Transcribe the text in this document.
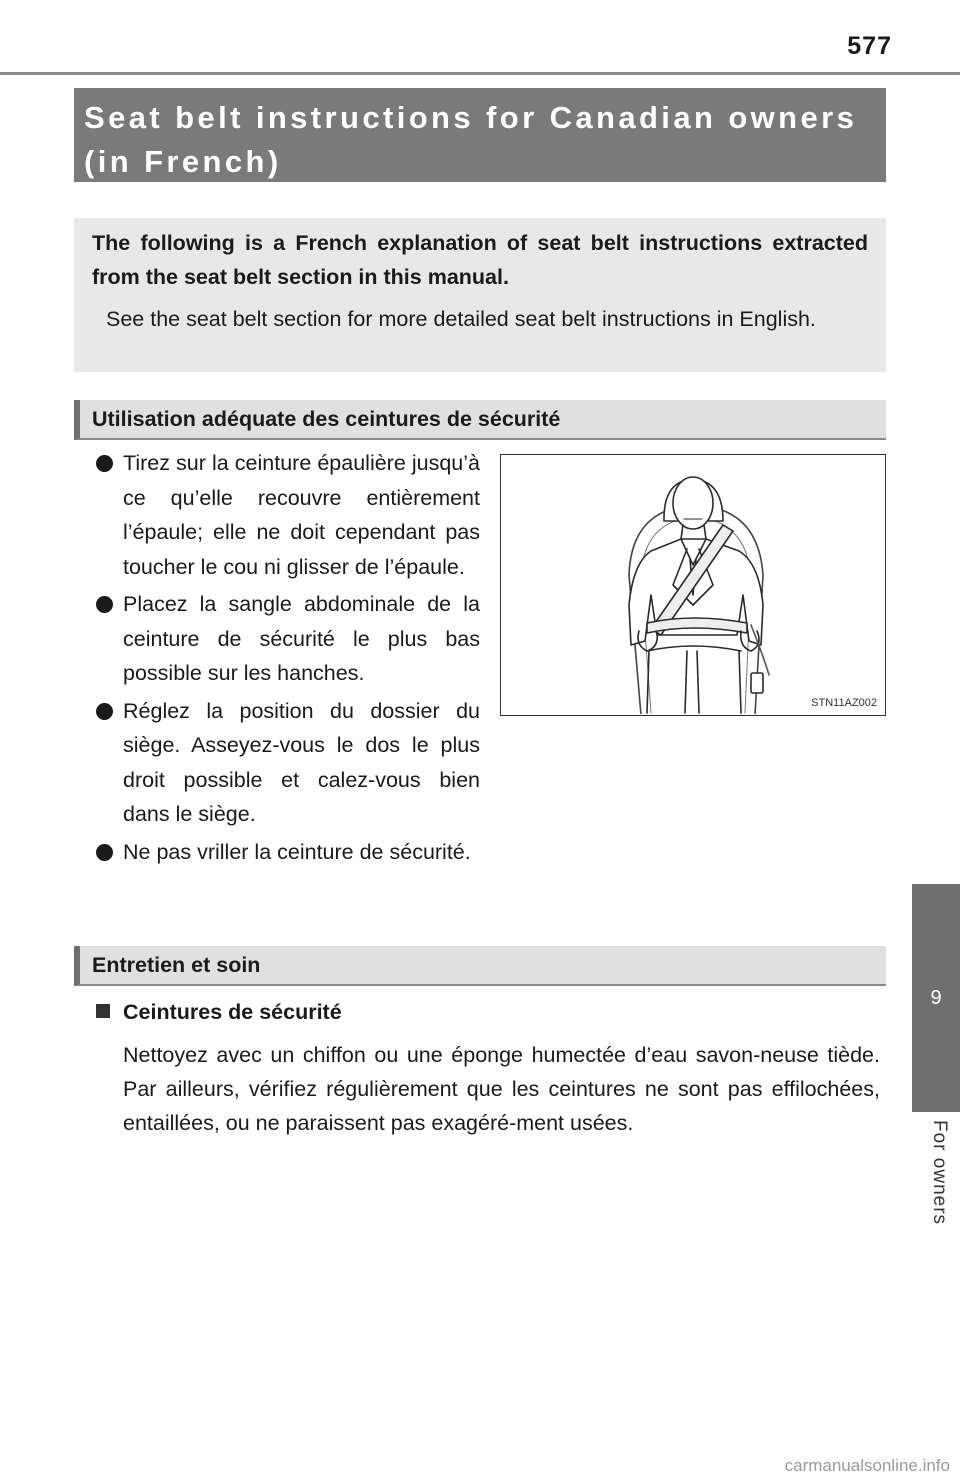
577
9
For owners
Seat belt instructions for Canadian owners
(in French)

The following is a French explanation of seat belt instructions extracted from the seat belt section in this manual.

See the seat belt section for more detailed seat belt instructions in English.

Utilisation adéquate des ceintures de sécurité
Tirez sur la ceinture épaulière jusqu’à ce qu’elle recouvre entièrement l’épaule; elle ne doit cependant pas toucher le cou ni glisser de l’épaule.
Placez la sangle abdominale de la ceinture de sécurité le plus bas possible sur les hanches.
Réglez la position du dossier du siège. Asseyez-vous le dos le plus droit possible et calez-vous bien dans le siège.
Ne pas vriller la ceinture de sécurité.
STN11AZ002
Entretien et soin
Ceintures de sécurité

Nettoyez avec un chiffon ou une éponge humectée d’eau savon-neuse tiède. Par ailleurs, vérifiez régulièrement que les ceintures ne sont pas effilochées, entaillées, ou ne paraissent pas exagéré-ment usées.

carmanualsonline.info
